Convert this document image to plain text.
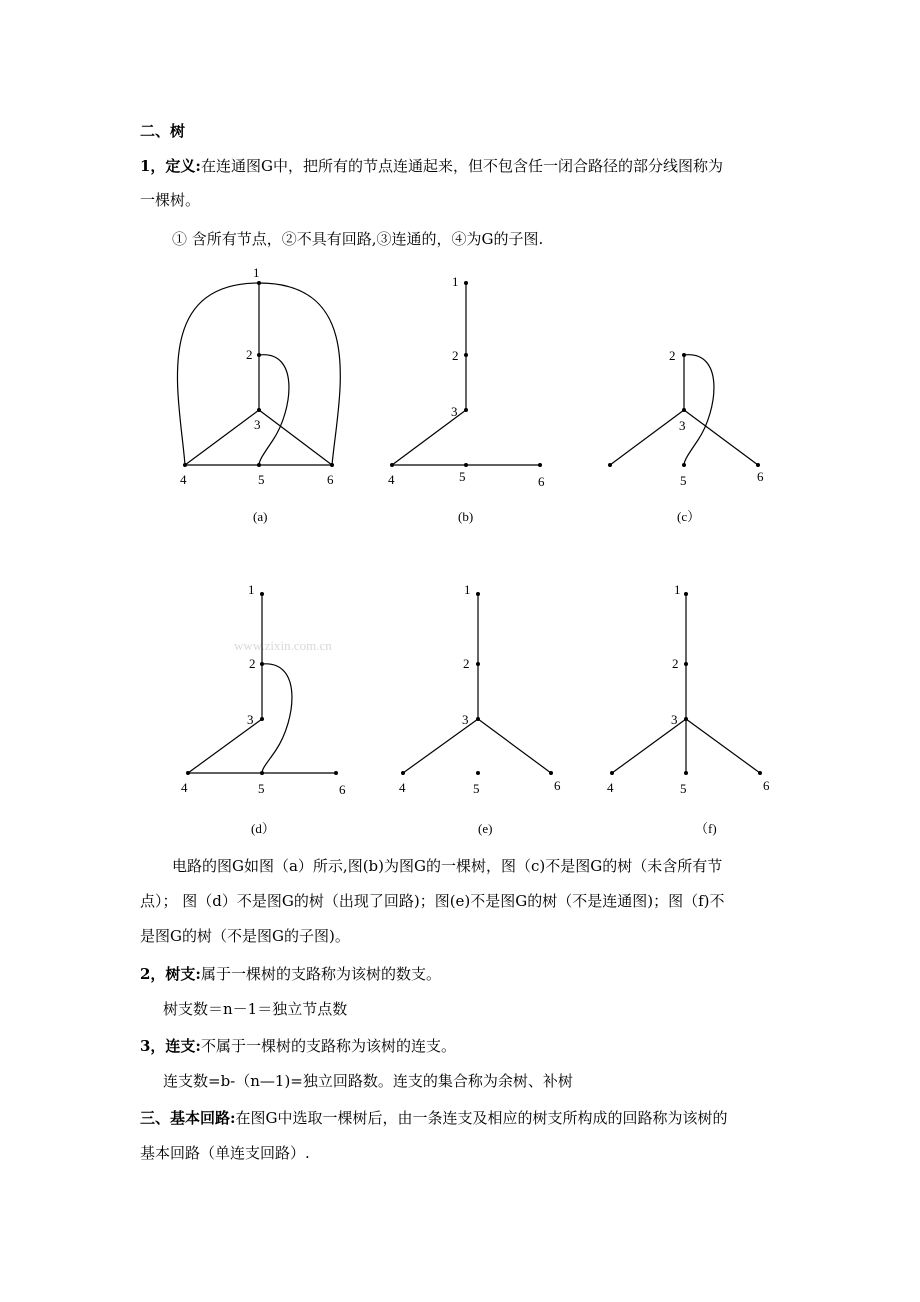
二、树
1，定义:在连通图G中，把所有的节点连通起来，但不包含任一闭合路径的部分线图称为
一棵树。
① 含所有节点，②不具有回路,③连通的，④为G的子图.
www.zixin.com.cn
1
2
3
4	5	6
(a)
1
2
3
4	5	6
(b)
2
3
5	6
(c）
1
2
3
4	5	6
(d）
1
2
3
4	5	6
(e)
1
2
3
4	5	6
（f)
电路的图G如图（a）所示,图(b)为图G的一棵树，图（c)不是图G的树（未含所有节
点）； 图（d）不是图G的树（出现了回路)；图(e)不是图G的树（不是连通图)；图（f)不
是图G的树（不是图G的子图)。
2，树支:属于一棵树的支路称为该树的数支。
树支数＝n－1＝独立节点数
3，连支:不属于一棵树的支路称为该树的连支。
连支数=b-（n—1)=独立回路数。连支的集合称为余树、补树
三、基本回路:在图G中选取一棵树后，由一条连支及相应的树支所构成的回路称为该树的
基本回路（单连支回路）.
